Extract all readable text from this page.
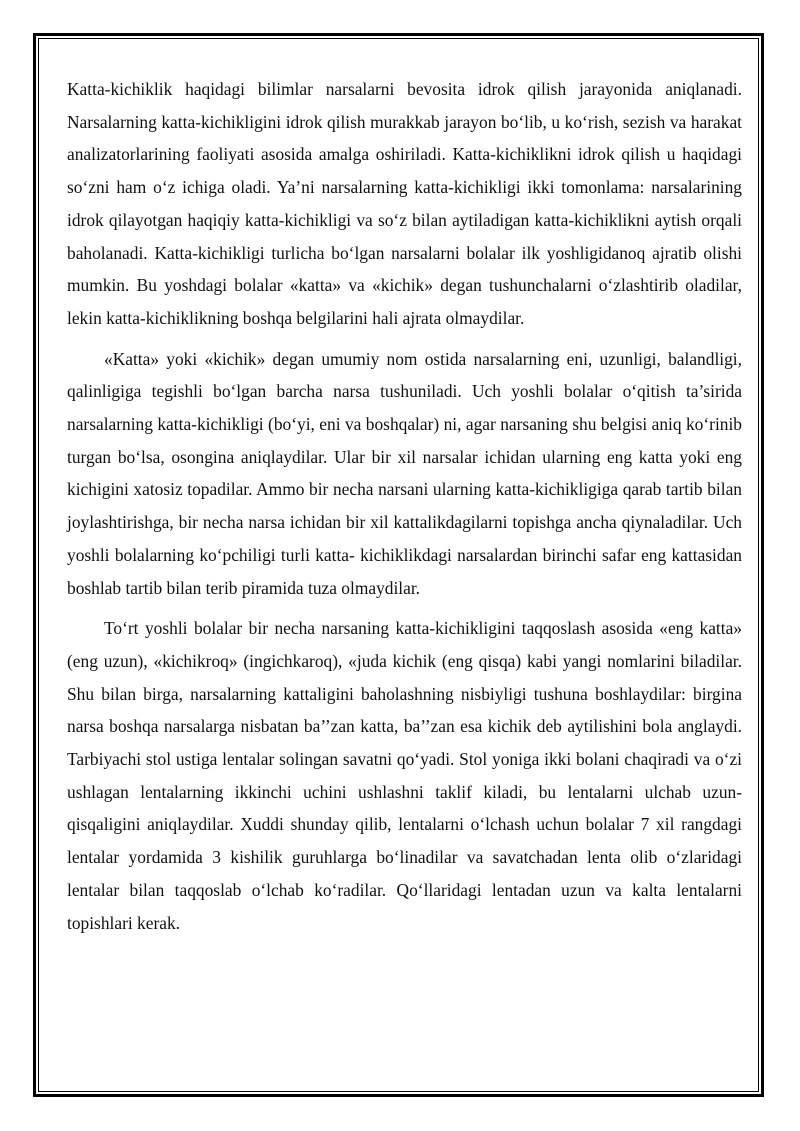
Katta-kichiklik haqidagi bilimlar narsalarni bevosita idrok qilish jarayonida aniqlanadi. Narsalarning katta-kichikligini idrok qilish murakkab jarayon bo‘lib, u ko‘rish, sezish va harakat analizatorlarining faoliyati asosida amalga oshiriladi. Katta-kichiklikni idrok qilish u haqidagi so‘zni ham o‘z ichiga oladi. Ya’ni narsalarning katta-kichikligi ikki tomonlama: narsalarining idrok qilayotgan haqiqiy katta-kichikligi va so‘z bilan aytiladigan katta-kichiklikni aytish orqali baholanadi. Katta-kichikligi turlicha bo‘lgan narsalarni bolalar ilk yoshligidanoq ajratib olishi mumkin. Bu yoshdagi bolalar «katta» va «kichik» degan tushunchalarni o‘zlashtirib oladilar, lekin katta-kichiklikning boshqa belgilarini hali ajrata olmaydilar.

«Katta» yoki «kichik» degan umumiy nom ostida narsalarning eni, uzunligi, balandligi, qalinligiga tegishli bo‘lgan barcha narsa tushuniladi. Uch yoshli bolalar o‘qitish ta’sirida narsalarning katta-kichikligi (bo‘yi, eni va boshqalar) ni, agar narsaning shu belgisi aniq ko‘rinib turgan bo‘lsa, osongina aniqlaydilar. Ular bir xil narsalar ichidan ularning eng katta yoki eng kichigini xatosiz topadilar. Ammo bir necha narsani ularning katta-kichikligiga qarab tartib bilan joylashtirishga, bir necha narsa ichidan bir xil kattalikdagilarni topishga ancha qiynaladilar. Uch yoshli bolalarning ko‘pchiligi turli katta- kichiklikdagi narsalardan birinchi safar eng kattasidan boshlab tartib bilan terib piramida tuza olmaydilar.

To‘rt yoshli bolalar bir necha narsaning katta-kichikligini taqqoslash asosida «eng katta» (eng uzun), «kichikroq» (ingichkaroq), «juda kichik (eng qisqa) kabi yangi nomlarini biladilar. Shu bilan birga, narsalarning kattaligini baholashning nisbiyligi tushuna boshlaydilar: birgina narsa boshqa narsalarga nisbatan ba’’zan katta, ba’’zan esa kichik deb aytilishini bola anglaydi. Tarbiyachi stol ustiga lentalar solingan savatni qo‘yadi. Stol yoniga ikki bolani chaqiradi va o‘zi ushlagan lentalarning ikkinchi uchini ushlashni taklif kiladi, bu lentalarni ulchab uzun-qisqaligini aniqlaydilar. Xuddi shunday qilib, lentalarni o‘lchash uchun bolalar 7 xil rangdagi lentalar yordamida 3 kishilik guruhlarga bo‘linadilar va savatchadan lenta olib o‘zlaridagi lentalar bilan taqqoslab o‘lchab ko‘radilar. Qo‘llaridagi lentadan uzun va kalta lentalarni topishlari kerak.
